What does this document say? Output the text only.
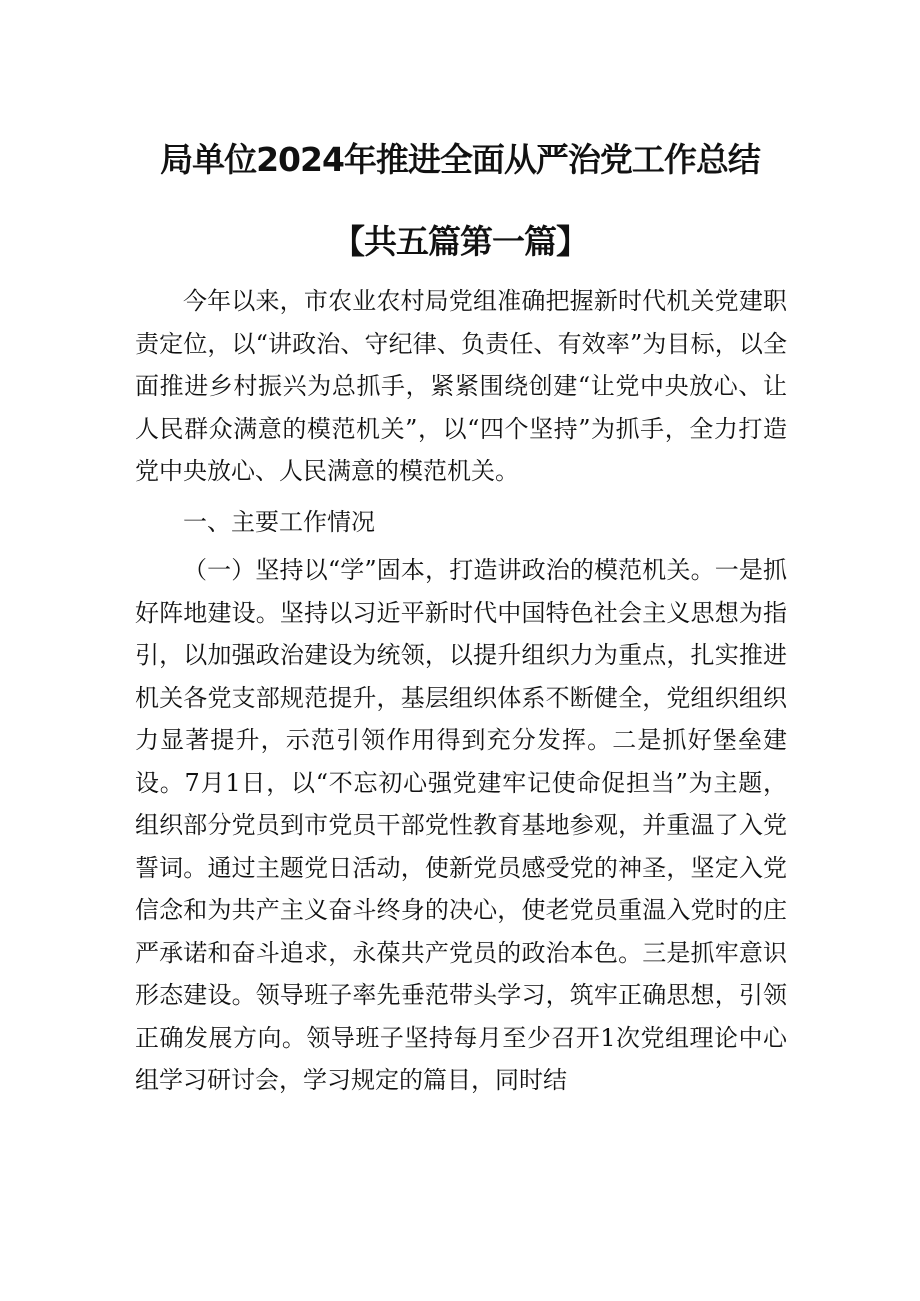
局单位2024年推进全面从严治党工作总结
【共五篇第一篇】

今年以来，市农业农村局党组准确把握新时代机关党建职责定位，以“讲政治、守纪律、负责任、有效率”为目标，以全面推进乡村振兴为总抓手，紧紧围绕创建“让党中央放心、让人民群众满意的模范机关”，以“四个坚持”为抓手，全力打造党中央放心、人民满意的模范机关。

一、主要工作情况

（一）坚持以“学”固本，打造讲政治的模范机关。一是抓好阵地建设。坚持以习近平新时代中国特色社会主义思想为指引，以加强政治建设为统领，以提升组织力为重点，扎实推进机关各党支部规范提升，基层组织体系不断健全，党组织组织力显著提升，示范引领作用得到充分发挥。二是抓好堡垒建设。7月1日，以“不忘初心强党建牢记使命促担当”为主题，组织部分党员到市党员干部党性教育基地参观，并重温了入党誓词。通过主题党日活动，使新党员感受党的神圣，坚定入党信念和为共产主义奋斗终身的决心，使老党员重温入党时的庄严承诺和奋斗追求，永葆共产党员的政治本色。三是抓牢意识形态建设。领导班子率先垂范带头学习，筑牢正确思想，引领正确发展方向。领导班子坚持每月至少召开1次党组理论中心组学习研讨会，学习规定的篇目，同时结
